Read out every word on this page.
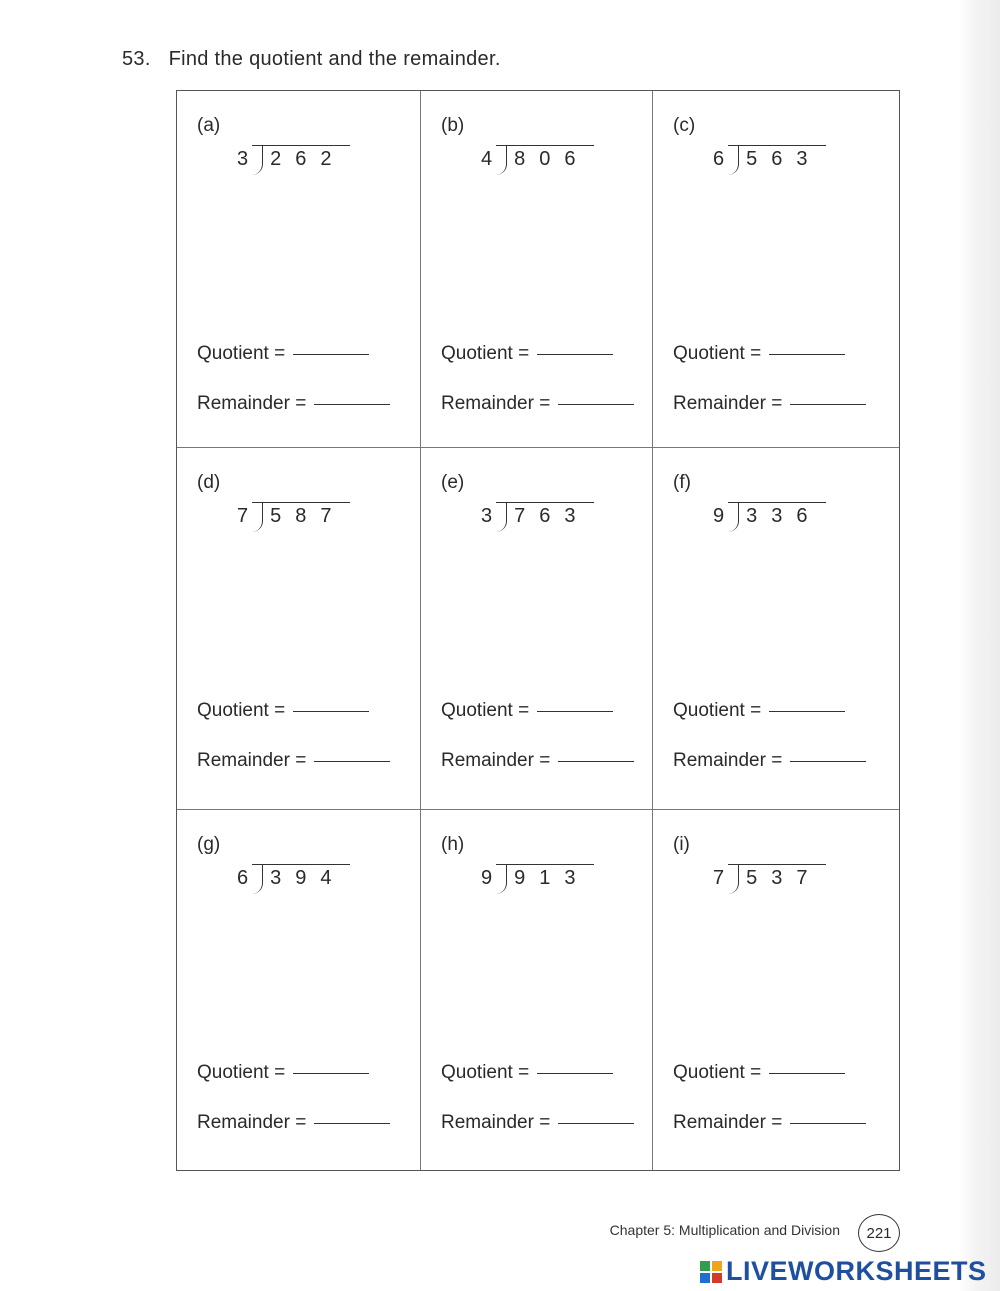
53. Find the quotient and the remainder.
(a)
3	262
Quotient =
Remainder =
(b)
4	806
Quotient =
Remainder =
(c)
6	563
Quotient =
Remainder =
(d)
7	587
Quotient =
Remainder =
(e)
3	763
Quotient =
Remainder =
(f)
9	336
Quotient =
Remainder =
(g)
6	394
Quotient =
Remainder =
(h)
9	913
Quotient =
Remainder =
(i)
7	537
Quotient =
Remainder =
Chapter 5: Multiplication and Division	221
LIVEWORKSHEETS
